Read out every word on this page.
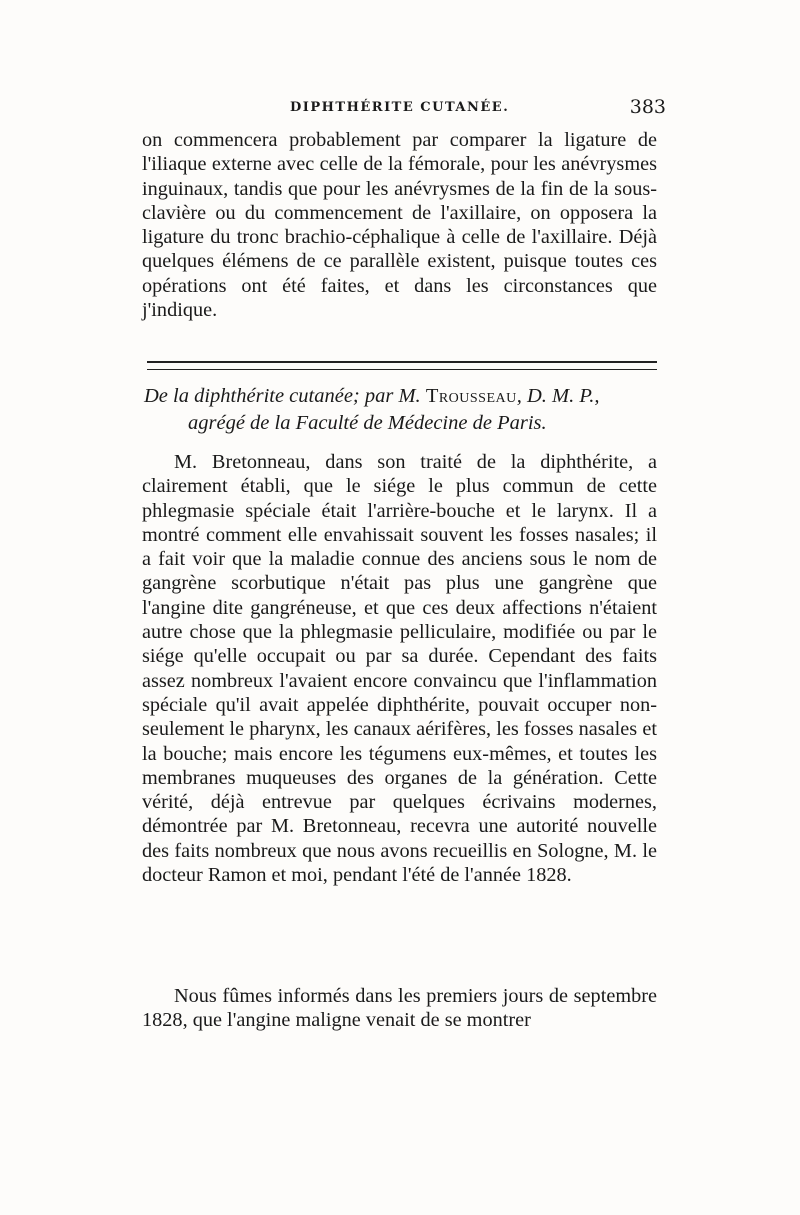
DIPHTHÉRITE CUTANÉE.	383

on commencera probablement par comparer la ligature de l'iliaque externe avec celle de la fémorale, pour les anévrysmes inguinaux, tandis que pour les anévrysmes de la fin de la sous-clavière ou du commencement de l'axillaire, on opposera la ligature du tronc brachio-céphalique à celle de l'axillaire. Déjà quelques élémens de ce parallèle existent, puisque toutes ces opérations ont été faites, et dans les circonstances que j'indique.

De la diphthérite cutanée; par M. Trousseau, D. M. P.,
agrégé de la Faculté de Médecine de Paris.

M. Bretonneau, dans son traité de la diphthérite, a clairement établi, que le siége le plus commun de cette phlegmasie spéciale était l'arrière-bouche et le larynx. Il a montré comment elle envahissait souvent les fosses nasales; il a fait voir que la maladie connue des anciens sous le nom de gangrène scorbutique n'était pas plus une gangrène que l'angine dite gangréneuse, et que ces deux affections n'étaient autre chose que la phlegmasie pelliculaire, modifiée ou par le siége qu'elle occupait ou par sa durée. Cependant des faits assez nombreux l'avaient encore convaincu que l'inflammation spéciale qu'il avait appelée diphthérite, pouvait occuper non-seulement le pharynx, les canaux aérifères, les fosses nasales et la bouche; mais encore les tégumens eux-mêmes, et toutes les membranes muqueuses des organes de la génération. Cette vérité, déjà entrevue par quelques écrivains modernes, démontrée par M. Bretonneau, recevra une autorité nouvelle des faits nombreux que nous avons recueillis en Sologne, M. le docteur Ramon et moi, pendant l'été de l'année 1828.

Nous fûmes informés dans les premiers jours de septembre 1828, que l'angine maligne venait de se montrer
